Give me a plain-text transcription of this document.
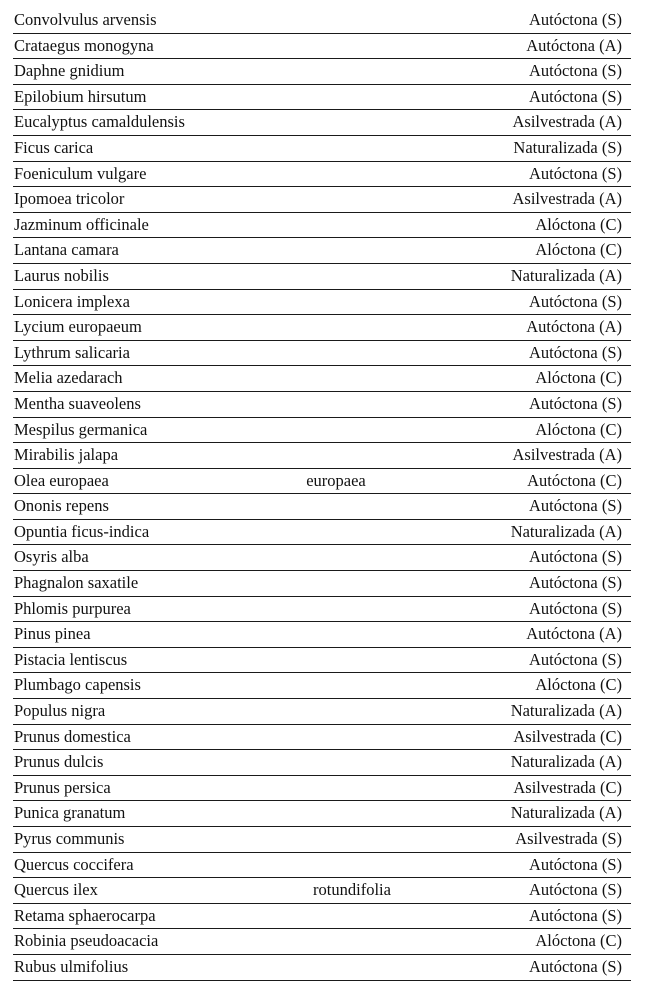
Convolvulus arvensis	Autóctona (S)
Crataegus monogyna	Autóctona (A)
Daphne gnidium	Autóctona (S)
Epilobium hirsutum	Autóctona (S)
Eucalyptus camaldulensis	Asilvestrada (A)
Ficus carica	Naturalizada (S)
Foeniculum vulgare	Autóctona (S)
Ipomoea tricolor	Asilvestrada (A)
Jazminum officinale	Alóctona (C)
Lantana camara	Alóctona (C)
Laurus nobilis	Naturalizada (A)
Lonicera implexa	Autóctona (S)
Lycium europaeum	Autóctona (A)
Lythrum salicaria	Autóctona (S)
Melia azedarach	Alóctona (C)
Mentha suaveolens	Autóctona (S)
Mespilus germanica	Alóctona (C)
Mirabilis jalapa	Asilvestrada (A)
Olea europaea	europaea	Autóctona (C)
Ononis repens	Autóctona (S)
Opuntia ficus-indica	Naturalizada (A)
Osyris alba	Autóctona (S)
Phagnalon saxatile	Autóctona (S)
Phlomis purpurea	Autóctona (S)
Pinus pinea	Autóctona (A)
Pistacia lentiscus	Autóctona (S)
Plumbago capensis	Alóctona (C)
Populus nigra	Naturalizada (A)
Prunus domestica	Asilvestrada (C)
Prunus dulcis	Naturalizada (A)
Prunus persica	Asilvestrada (C)
Punica granatum	Naturalizada (A)
Pyrus communis	Asilvestrada (S)
Quercus coccifera	Autóctona (S)
Quercus ilex	rotundifolia	Autóctona (S)
Retama sphaerocarpa	Autóctona (S)
Robinia pseudoacacia	Alóctona (C)
Rubus ulmifolius	Autóctona (S)
